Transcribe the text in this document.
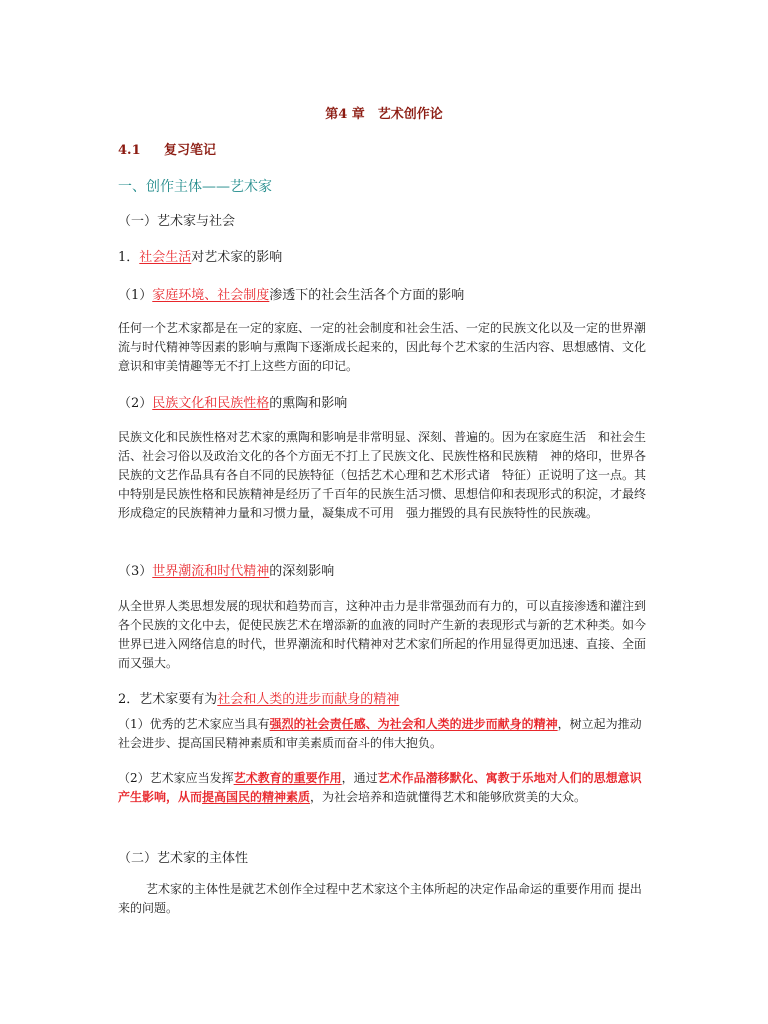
第4 章　艺术创作论
4.1 复习笔记
一、创作主体——艺术家
（一）艺术家与社会
1．社会生活对艺术家的影响
（1）家庭环境、社会制度渗透下的社会生活各个方面的影响

任何一个艺术家都是在一定的家庭、一定的社会制度和社会生活、一定的民族文化以及一定的世界潮流与时代精神等因素的影响与熏陶下逐渐成长起来的，因此每个艺术家的生活内容、思想感情、文化意识和审美情趣等无不打上这些方面的印记。

（2）民族文化和民族性格的熏陶和影响

民族文化和民族性格对艺术家的熏陶和影响是非常明显、深刻、普遍的。因为在家庭生活　和社会生活、社会习俗以及政治文化的各个方面无不打上了民族文化、民族性格和民族精　神的烙印，世界各民族的文艺作品具有各自不同的民族特征（包括艺术心理和艺术形式诸　特征）正说明了这一点。其中特别是民族性格和民族精神是经历了千百年的民族生活习惯、思想信仰和表现形式的积淀，才最终形成稳定的民族精神力量和习惯力量，凝集成不可用　强力摧毁的具有民族特性的民族魂。

（3）世界潮流和时代精神的深刻影响

从全世界人类思想发展的现状和趋势而言，这种冲击力是非常强劲而有力的，可以直接渗透和灌注到各个民族的文化中去，促使民族艺术在增添新的血液的同时产生新的表现形式与新的艺术种类。如今世界已进入网络信息的时代，世界潮流和时代精神对艺术家们所起的作用显得更加迅速、直接、全面而又强大。

2．艺术家要有为社会和人类的进步而献身的精神

（1）优秀的艺术家应当具有强烈的社会责任感、为社会和人类的进步而献身的精神，树立起为推动社会进步、提高国民精神素质和审美素质而奋斗的伟大抱负。

（2）艺术家应当发挥艺术教育的重要作用，通过艺术作品潜移默化、寓教于乐地对人们的思想意识产生影响，从而提高国民的精神素质，为社会培养和造就懂得艺术和能够欣赏美的大众。

（二）艺术家的主体性

艺术家的主体性是就艺术创作全过程中艺术家这个主体所起的决定作品命运的重要作用而 提出来的问题。
